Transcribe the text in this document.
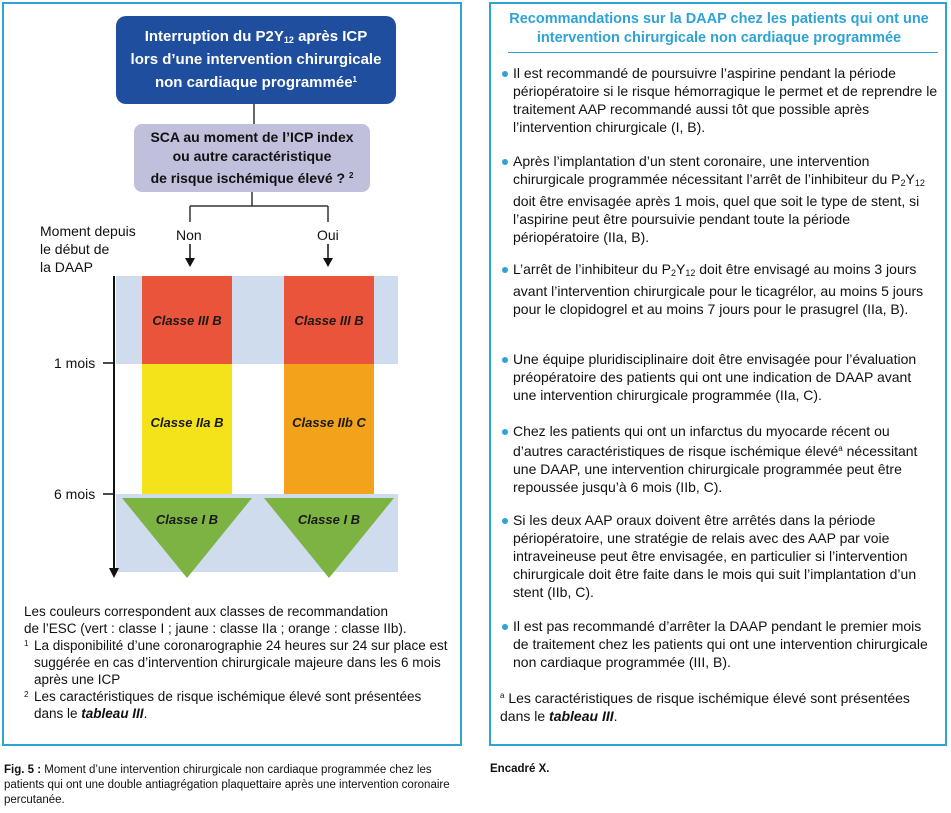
Interruption du $P2Y_{12}$ après ICP
lors d’une intervention chirurgicale
non cardiaque programmée$^1$
SCA au moment de l’ICP index
ou autre caractéristique
de risque ischémique élevé ? $^2$
Moment depuis
le début de
la DAAP
Non	Oui
1 mois
6 mois
Classe III B
Classe IIa B
Classe I B
Classe III B
Classe IIb C
Classe I B
Les couleurs correspondent aux classes de recommandation
de l’ESC (vert : classe I ; jaune : classe IIa ; orange : classe IIb).
1 La disponibilité d’une coronarographie 24 heures sur 24 sur place est suggérée en cas d’intervention chirurgicale majeure dans les 6 mois après une ICP
2 Les caractéristiques de risque ischémique élevé sont présentées dans le tableau III.
Fig. 5 : Moment d’une intervention chirurgicale non cardiaque programmée chez les patients qui ont une double antiagrégation plaquettaire après une intervention coronaire percutanée.
Encadré X.
Recommandations sur la DAAP chez les patients qui ont une
intervention chirurgicale non cardiaque programmée
Il est recommandé de poursuivre l’aspirine pendant la période périopératoire si le risque hémorragique le permet et de reprendre le traitement AAP recommandé aussi tôt que possible après l’intervention chirurgicale (I, B).
Après l’implantation d’un stent coronaire, une intervention chirurgicale programmée nécessitant l’arrêt de l’inhibiteur du $P_2Y_{12}$ doit être envisagée après 1 mois, quel que soit le type de stent, si l’aspirine peut être poursuivie pendant toute la période périopératoire (IIa, B).
L’arrêt de l’inhibiteur du $P_2Y_{12}$ doit être envisagé au moins 3 jours avant l’intervention chirurgicale pour le ticagrélor, au moins 5 jours pour le clopidogrel et au moins 7 jours pour le prasugrel (IIa, B).
Une équipe pluridisciplinaire doit être envisagée pour l’évaluation préopératoire des patients qui ont une indication de DAAP avant une intervention chirurgicale programmée (IIa, C).
Chez les patients qui ont un infarctus du myocarde récent ou d’autres caractéristiques de risque ischémique élevé$^a$ nécessitant une DAAP, une intervention chirurgicale programmée peut être repoussée jusqu’à 6 mois (IIb, C).
Si les deux AAP oraux doivent être arrêtés dans la période périopératoire, une stratégie de relais avec des AAP par voie intraveineuse peut être envisagée, en particulier si l’intervention chirurgicale doit être faite dans le mois qui suit l’implantation d’un stent (IIb, C).
Il est pas recommandé d’arrêter la DAAP pendant le premier mois de traitement chez les patients qui ont une intervention chirurgicale non cardiaque programmée (III, B).
$^a$ Les caractéristiques de risque ischémique élevé sont présentées dans le tableau III.
